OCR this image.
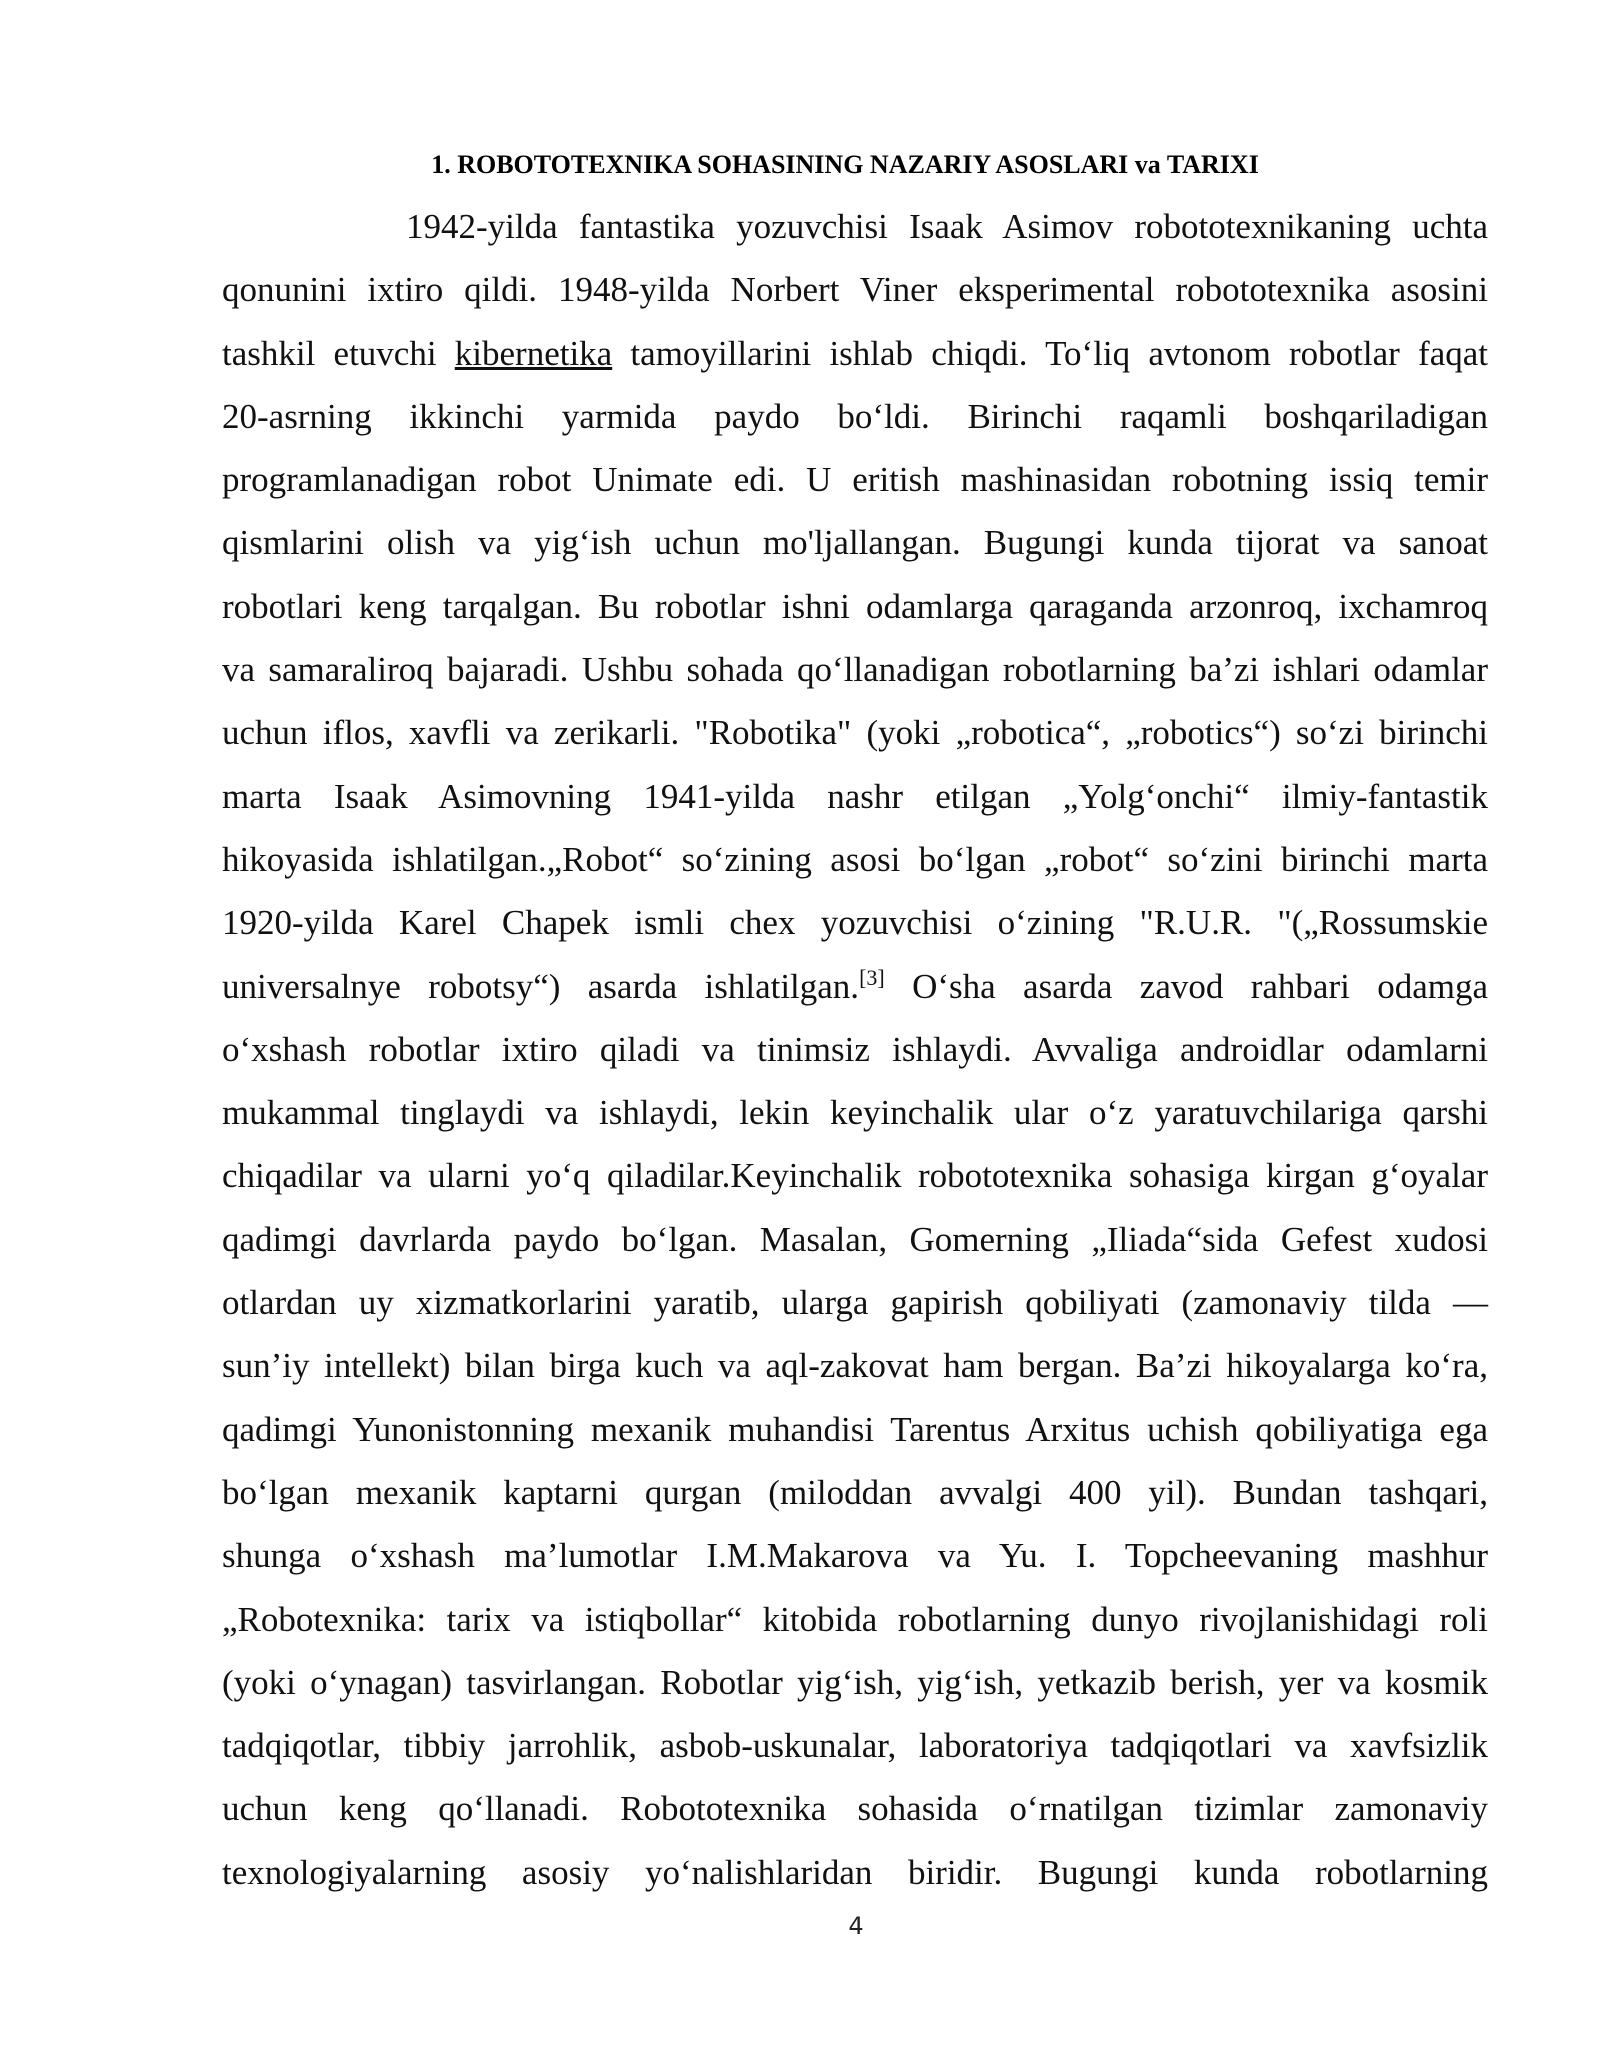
1. ROBOTOTEXNIKA SOHASINING NAZARIY ASOSLARI va TARIXI
1942-yilda fantastika yozuvchisi Isaak Asimov robototexnikaning uchta
qonunini ixtiro qildi. 1948-yilda Norbert Viner eksperimental robototexnika asosini
tashkil etuvchi kibernetika tamoyillarini ishlab chiqdi. To‘liq avtonom robotlar faqat
20-asrning ikkinchi yarmida paydo bo‘ldi. Birinchi raqamli boshqariladigan
programlanadigan robot Unimate edi. U eritish mashinasidan robotning issiq temir
qismlarini olish va yig‘ish uchun mo'ljallangan. Bugungi kunda tijorat va sanoat
robotlari keng tarqalgan. Bu robotlar ishni odamlarga qaraganda arzonroq, ixchamroq
va samaraliroq bajaradi. Ushbu sohada qo‘llanadigan robotlarning ba’zi ishlari odamlar
uchun iflos, xavfli va zerikarli. "Robotika" (yoki „robotica“, „robotics“) so‘zi birinchi
marta Isaak Asimovning 1941-yilda nashr etilgan „Yolg‘onchi“ ilmiy-fantastik
hikoyasida ishlatilgan.„Robot“ so‘zining asosi bo‘lgan „robot“ so‘zini birinchi marta
1920-yilda Karel Chapek ismli chex yozuvchisi o‘zining "R.U.R. "(„Rossumskie
universalnye robotsy“) asarda ishlatilgan.[3] O‘sha asarda zavod rahbari odamga
o‘xshash robotlar ixtiro qiladi va tinimsiz ishlaydi. Avvaliga androidlar odamlarni
mukammal tinglaydi va ishlaydi, lekin keyinchalik ular o‘z yaratuvchilariga qarshi
chiqadilar va ularni yo‘q qiladilar.Keyinchalik robototexnika sohasiga kirgan g‘oyalar
qadimgi davrlarda paydo bo‘lgan. Masalan, Gomerning „Iliada“sida Gefest xudosi
otlardan uy xizmatkorlarini yaratib, ularga gapirish qobiliyati (zamonaviy tilda —
sun’iy intellekt) bilan birga kuch va aql-zakovat ham bergan. Ba’zi hikoyalarga ko‘ra,
qadimgi Yunonistonning mexanik muhandisi Tarentus Arxitus uchish qobiliyatiga ega
bo‘lgan mexanik kaptarni qurgan (miloddan avvalgi 400 yil). Bundan tashqari,
shunga o‘xshash ma’lumotlar I.M.Makarova va Yu. I. Topcheevaning mashhur
„Robotexnika: tarix va istiqbollar“ kitobida robotlarning dunyo rivojlanishidagi roli
(yoki o‘ynagan) tasvirlangan. Robotlar yig‘ish, yig‘ish, yetkazib berish, yer va kosmik
tadqiqotlar, tibbiy jarrohlik, asbob-uskunalar, laboratoriya tadqiqotlari va xavfsizlik
uchun keng qo‘llanadi. Robototexnika sohasida o‘rnatilgan tizimlar zamonaviy
texnologiyalarning asosiy yo‘nalishlaridan biridir. Bugungi kunda robotlarning
4
